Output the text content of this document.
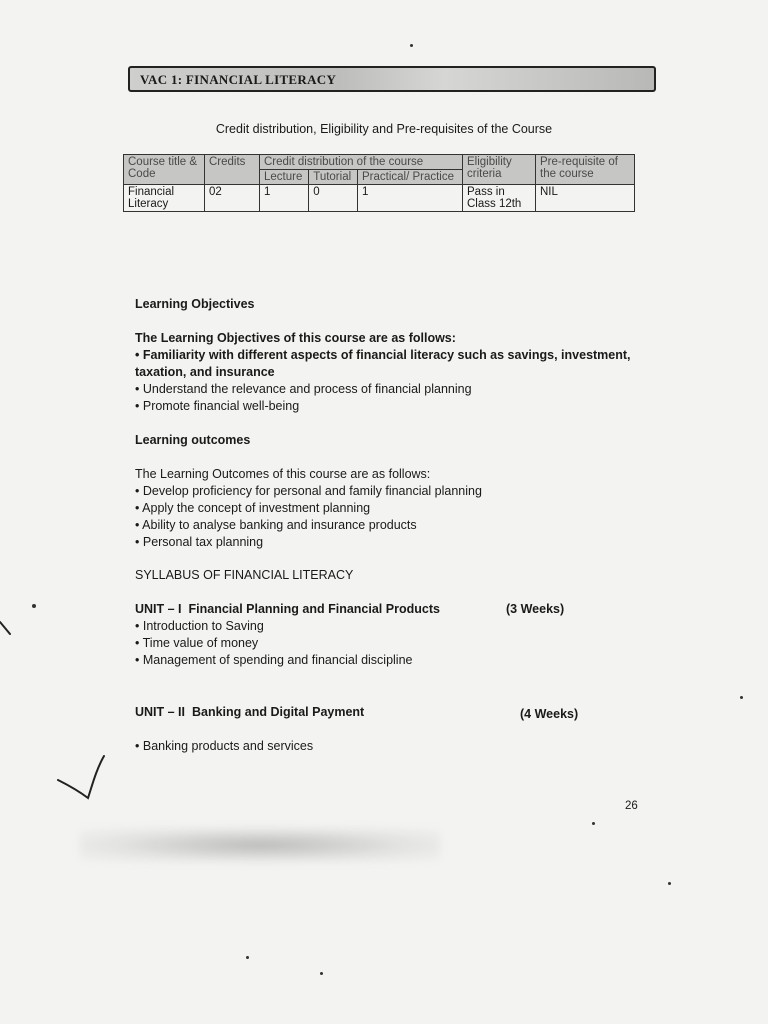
VAC 1: FINANCIAL LITERACY
Credit distribution, Eligibility and Pre-requisites of the Course
Course title & Code	Credits	Credit distribution of the course			Eligibility criteria	Pre-requisite of the course
		Lecture	Tutorial	Practical/ Practice		
Financial Literacy	02	1	0	1	Pass in Class 12th	NIL
Learning Objectives
The Learning Objectives of this course are as follows:
• Familiarity with different aspects of financial literacy such as savings, investment, taxation, and insurance
• Understand the relevance and process of financial planning
• Promote financial well-being
Learning outcomes
The Learning Outcomes of this course are as follows:
• Develop proficiency for personal and family financial planning
• Apply the concept of investment planning
• Ability to analyse banking and insurance products
• Personal tax planning
SYLLABUS OF FINANCIAL LITERACY
UNIT – I Financial Planning and Financial Products
• Introduction to Saving
• Time value of money
• Management of spending and financial discipline
(3 Weeks)
UNIT – II Banking and Digital Payment
• Banking products and services
(4 Weeks)
26
